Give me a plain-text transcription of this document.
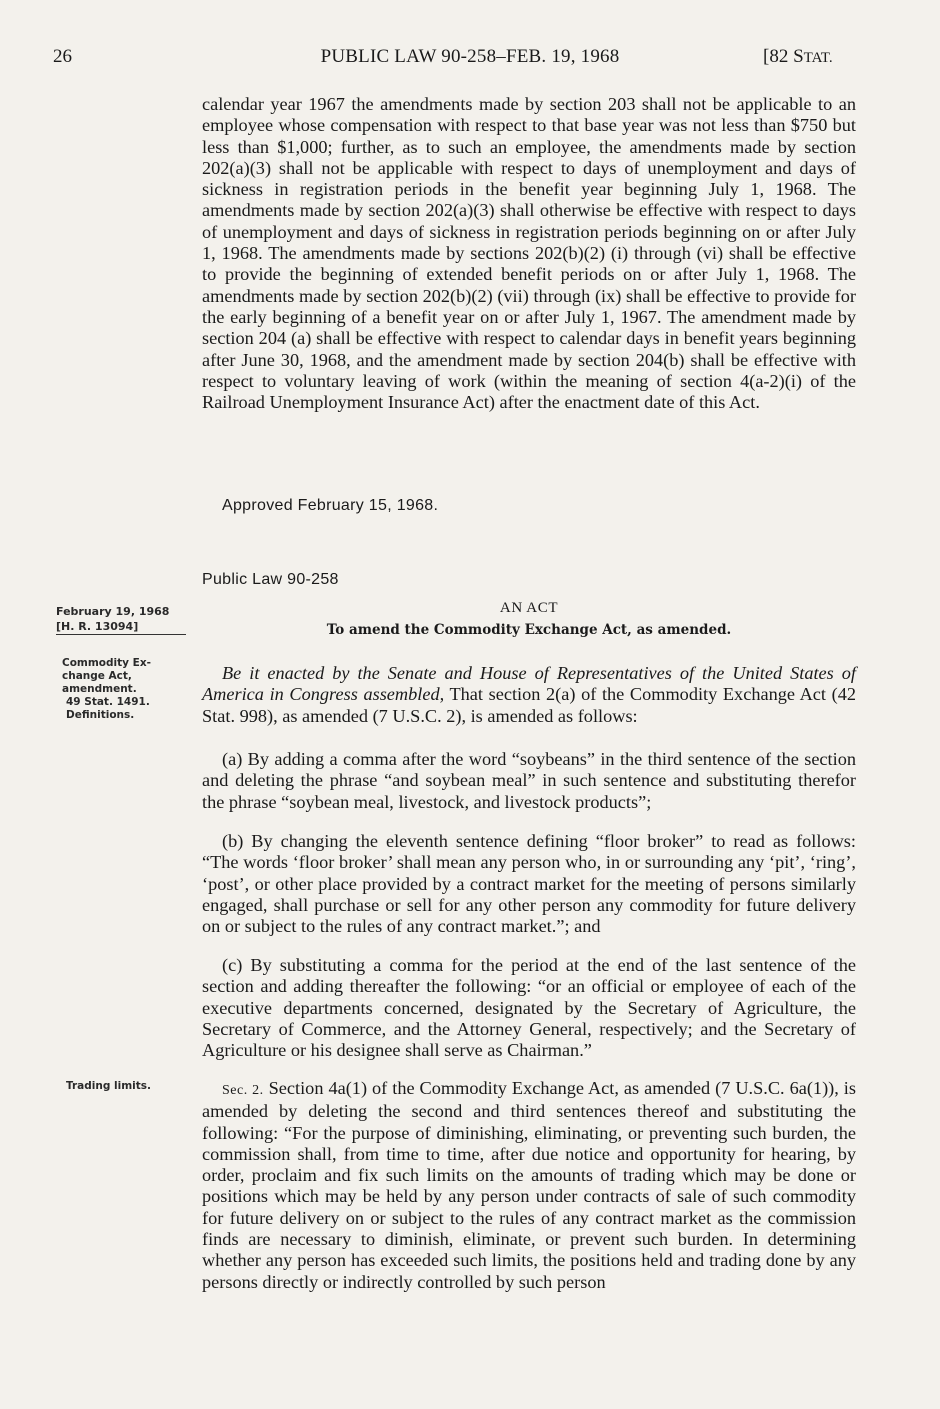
26	PUBLIC LAW 90-258–FEB. 19, 1968	[82 STAT.

calendar year 1967 the amendments made by section 203 shall not be applicable to an employee whose compensation with respect to that base year was not less than $750 but less than $1,000; further, as to such an employee, the amendments made by section 202(a)(3) shall not be applicable with respect to days of unemployment and days of sickness in registration periods in the benefit year beginning July 1, 1968. The amendments made by section 202(a)(3) shall otherwise be effective with respect to days of unemployment and days of sickness in registration periods beginning on or after July 1, 1968. The amendments made by sections 202(b)(2) (i) through (vi) shall be effective to provide the beginning of extended benefit periods on or after July 1, 1968. The amendments made by section 202(b)(2) (vii) through (ix) shall be effective to provide for the early beginning of a benefit year on or after July 1, 1967. The amendment made by section 204 (a) shall be effective with respect to calendar days in benefit years beginning after June 30, 1968, and the amendment made by section 204(b) shall be effective with respect to voluntary leaving of work (within the meaning of section 4(a-2)(i) of the Railroad Unemployment Insurance Act) after the enactment date of this Act.

Approved February 15, 1968.
Public Law 90-258
February 19, 1968
[H. R. 13094]
AN ACT
To amend the Commodity Exchange Act, as amended.
Commodity Ex-
change Act,
amendment.
49 Stat. 1491.
Definitions.

Be it enacted by the Senate and House of Representatives of the United States of America in Congress assembled, That section 2(a) of the Commodity Exchange Act (42 Stat. 998), as amended (7 U.S.C. 2), is amended as follows:

(a) By adding a comma after the word “soybeans” in the third sentence of the section and deleting the phrase “and soybean meal” in such sentence and substituting therefor the phrase “soybean meal, livestock, and livestock products”;

(b) By changing the eleventh sentence defining “floor broker” to read as follows: “The words ‘floor broker’ shall mean any person who, in or surrounding any ‘pit’, ‘ring’, ‘post’, or other place provided by a contract market for the meeting of persons similarly engaged, shall purchase or sell for any other person any commodity for future delivery on or subject to the rules of any contract market.”; and

(c) By substituting a comma for the period at the end of the last sentence of the section and adding thereafter the following: “or an official or employee of each of the executive departments concerned, designated by the Secretary of Agriculture, the Secretary of Commerce, and the Attorney General, respectively; and the Secretary of Agriculture or his designee shall serve as Chairman.”

Trading limits.	Sec. 2. Section 4a(1) of the Commodity Exchange Act, as amended (7 U.S.C. 6a(1)), is amended by deleting the second and third sentences thereof and substituting the following: “For the purpose of diminishing, eliminating, or preventing such burden, the commission shall, from time to time, after due notice and opportunity for hearing, by order, proclaim and fix such limits on the amounts of trading which may be done or positions which may be held by any person under contracts of sale of such commodity for future delivery on or subject to the rules of any contract market as the commission finds are necessary to diminish, eliminate, or prevent such burden. In determining whether any person has exceeded such limits, the positions held and trading done by any persons directly or indirectly controlled by such person
